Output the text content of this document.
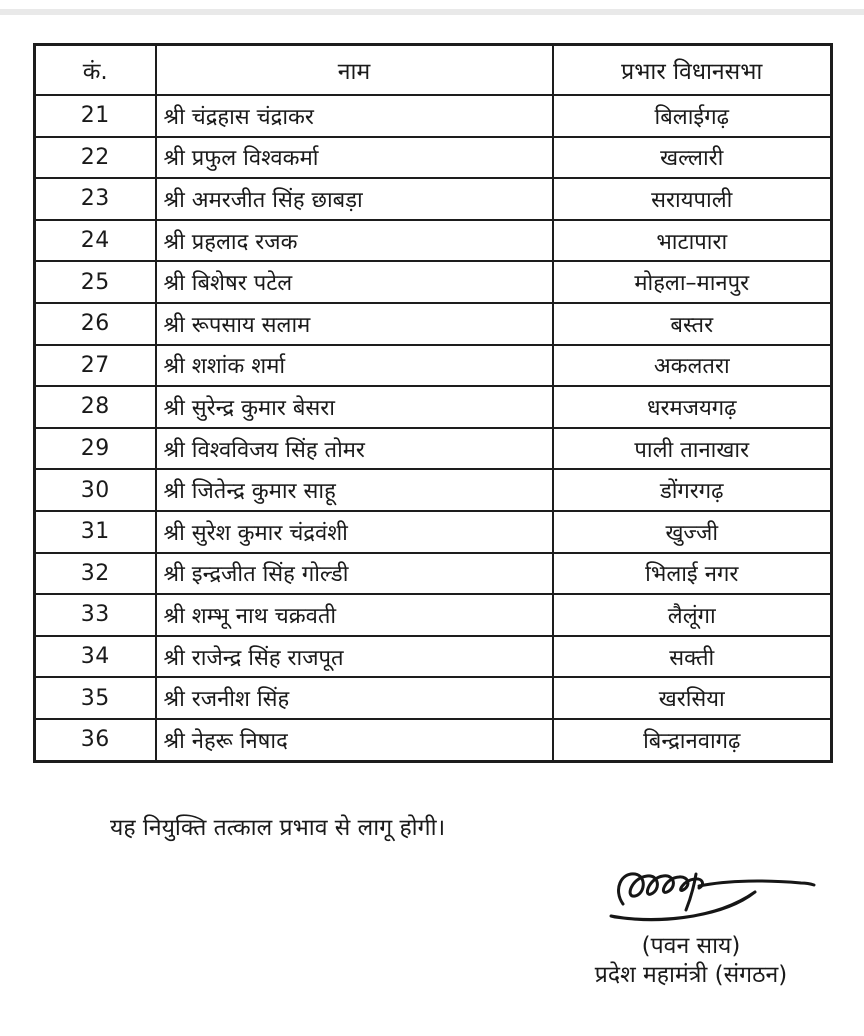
कं.	नाम	प्रभार विधानसभा
21	श्री चंद्रहास चंद्राकर	बिलाईगढ़
22	श्री प्रफुल विश्वकर्मा	खल्लारी
23	श्री अमरजीत सिंह छाबड़ा	सरायपाली
24	श्री प्रहलाद रजक	भाटापारा
25	श्री बिशेषर पटेल	मोहला–मानपुर
26	श्री रूपसाय सलाम	बस्तर
27	श्री शशांक शर्मा	अकलतरा
28	श्री सुरेन्द्र कुमार बेसरा	धरमजयगढ़
29	श्री विश्वविजय सिंह तोमर	पाली तानाखार
30	श्री जितेन्द्र कुमार साहू	डोंगरगढ़
31	श्री सुरेश कुमार चंद्रवंशी	खुज्जी
32	श्री इन्द्रजीत सिंह गोल्डी	भिलाई नगर
33	श्री शम्भू नाथ चक्रवती	लैलूंगा
34	श्री राजेन्द्र सिंह राजपूत	सक्ती
35	श्री रजनीश सिंह	खरसिया
36	श्री नेहरू निषाद	बिन्द्रानवागढ़
यह नियुक्ति तत्काल प्रभाव से लागू होगी।
(पवन साय)
प्रदेश महामंत्री (संगठन)
